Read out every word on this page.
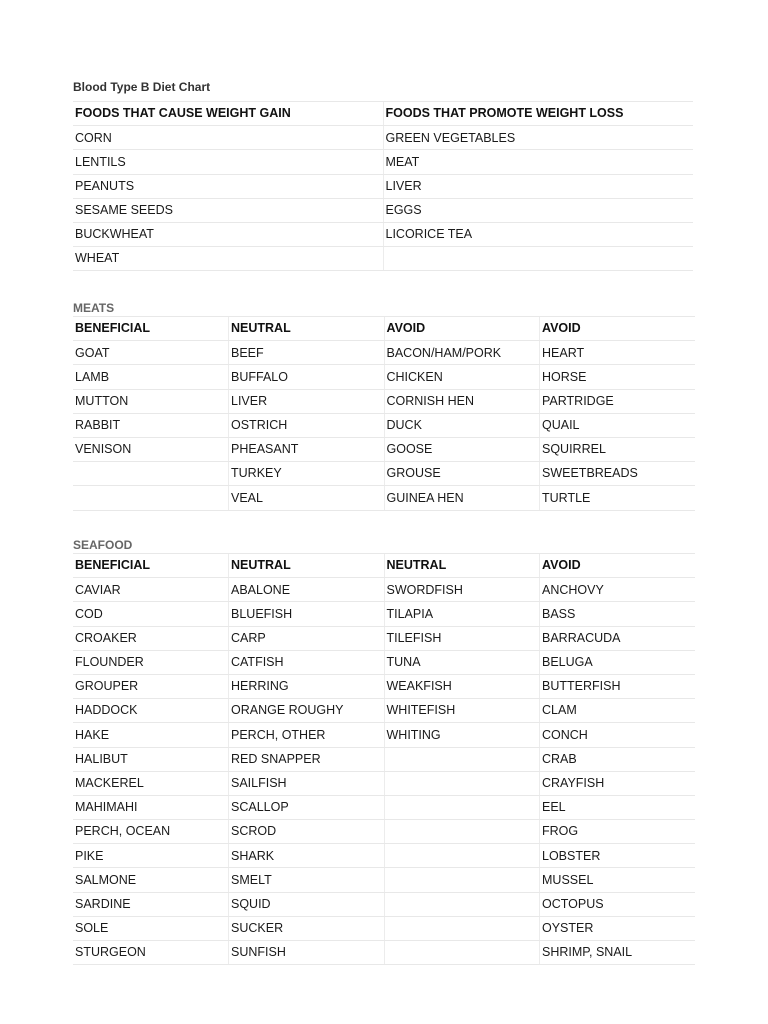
Blood Type B Diet Chart
FOODS THAT CAUSE WEIGHT GAIN	FOODS THAT PROMOTE WEIGHT LOSS
CORN	GREEN VEGETABLES
LENTILS	MEAT
PEANUTS	LIVER
SESAME SEEDS	EGGS
BUCKWHEAT	LICORICE TEA
WHEAT	
MEATS
BENEFICIAL	NEUTRAL	AVOID	AVOID
GOAT	BEEF	BACON/HAM/PORK	HEART
LAMB	BUFFALO	CHICKEN	HORSE
MUTTON	LIVER	CORNISH HEN	PARTRIDGE
RABBIT	OSTRICH	DUCK	QUAIL
VENISON	PHEASANT	GOOSE	SQUIRREL
	TURKEY	GROUSE	SWEETBREADS
	VEAL	GUINEA HEN	TURTLE
SEAFOOD
BENEFICIAL	NEUTRAL	NEUTRAL	AVOID
CAVIAR	ABALONE	SWORDFISH	ANCHOVY
COD	BLUEFISH	TILAPIA	BASS
CROAKER	CARP	TILEFISH	BARRACUDA
FLOUNDER	CATFISH	TUNA	BELUGA
GROUPER	HERRING	WEAKFISH	BUTTERFISH
HADDOCK	ORANGE ROUGHY	WHITEFISH	CLAM
HAKE	PERCH, OTHER	WHITING	CONCH
HALIBUT	RED SNAPPER		CRAB
MACKEREL	SAILFISH		CRAYFISH
MAHIMAHI	SCALLOP		EEL
PERCH, OCEAN	SCROD		FROG
PIKE	SHARK		LOBSTER
SALMONE	SMELT		MUSSEL
SARDINE	SQUID		OCTOPUS
SOLE	SUCKER		OYSTER
STURGEON	SUNFISH		SHRIMP, SNAIL
